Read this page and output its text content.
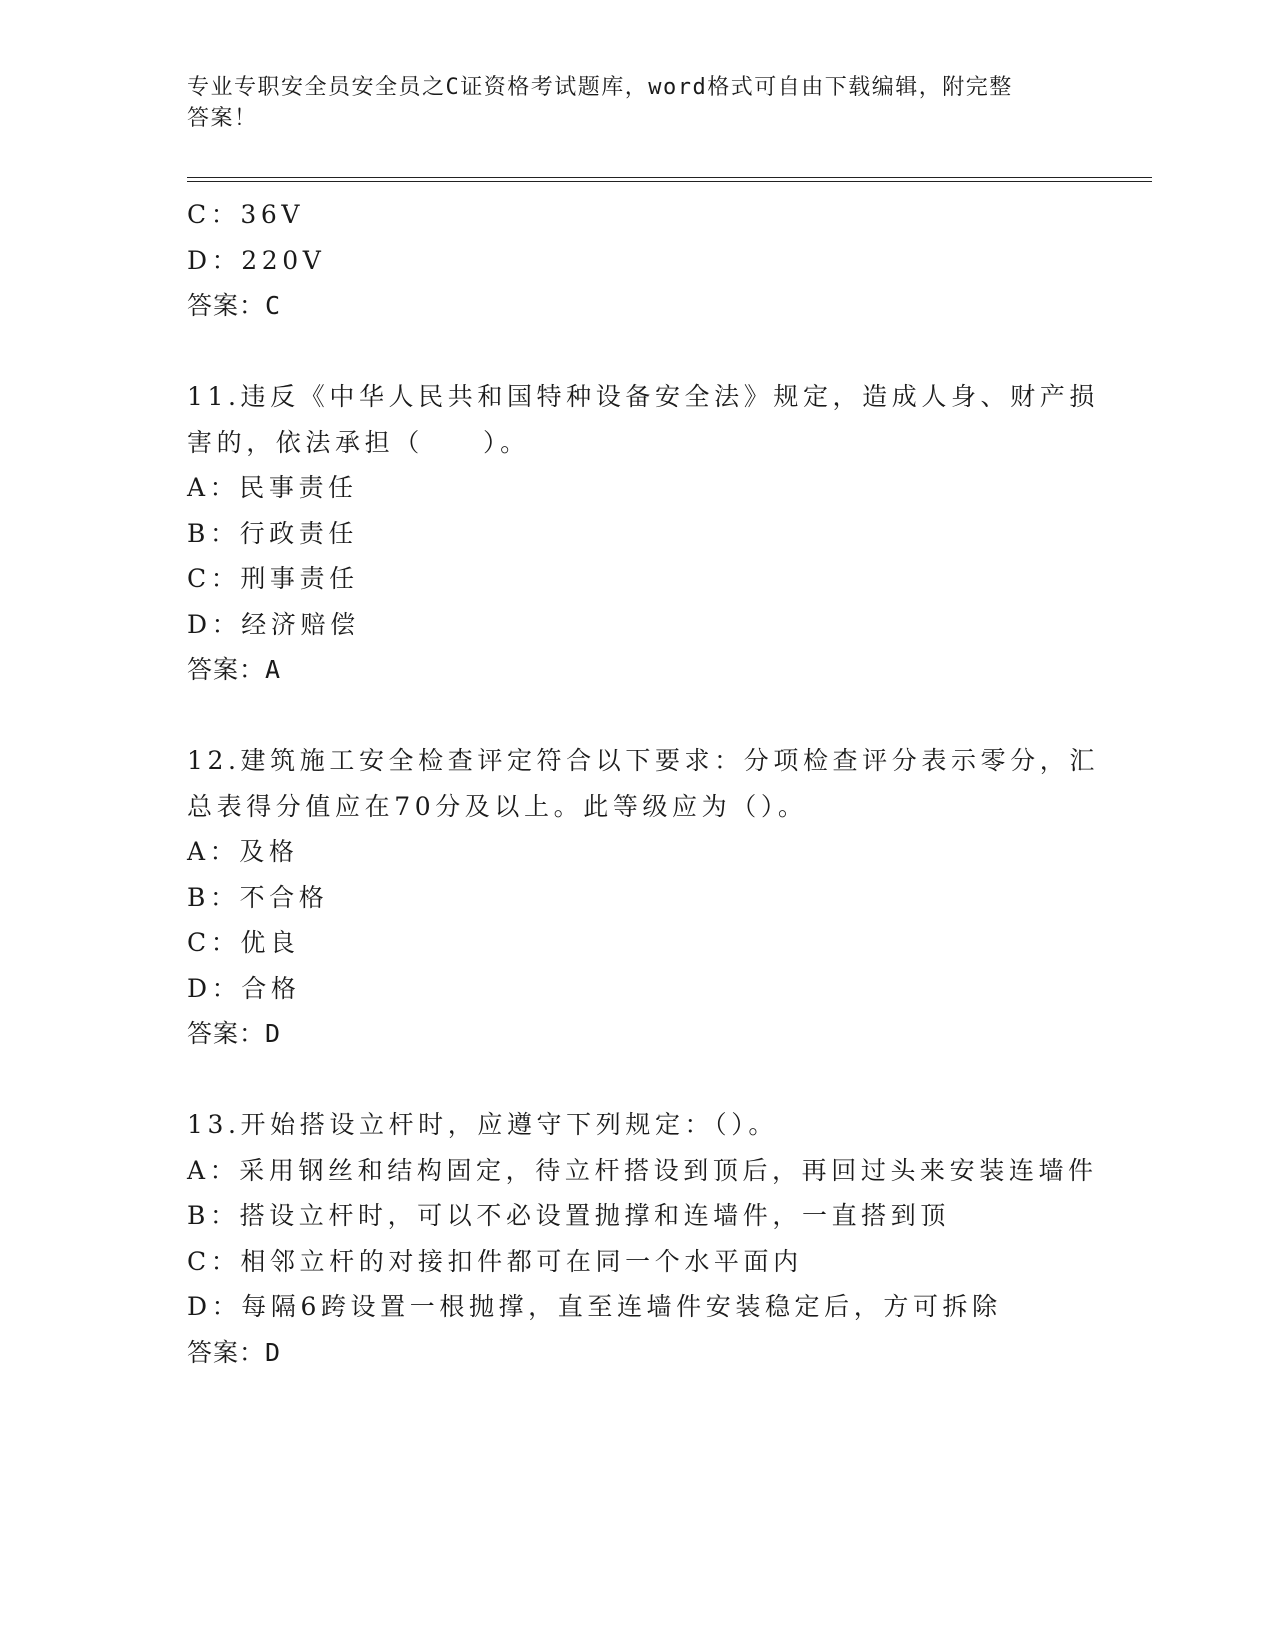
专业专职安全员安全员之C证资格考试题库，word格式可自由下载编辑，附完整
答案！
C：36V
D：220V
答案：C
11.违反《中华人民共和国特种设备安全法》规定，造成人身、财产损
害的，依法承担（　　）。
A：民事责任
B：行政责任
C：刑事责任
D：经济赔偿
答案：A
12.建筑施工安全检查评定符合以下要求：分项检查评分表示零分，汇
总表得分值应在70分及以上。此等级应为（）。
A：及格
B：不合格
C：优良
D：合格
答案：D
13.开始搭设立杆时，应遵守下列规定：（）。
A：采用钢丝和结构固定，待立杆搭设到顶后，再回过头来安装连墙件
B：搭设立杆时，可以不必设置抛撑和连墙件，一直搭到顶
C：相邻立杆的对接扣件都可在同一个水平面内
D：每隔6跨设置一根抛撑，直至连墙件安装稳定后，方可拆除
答案：D
